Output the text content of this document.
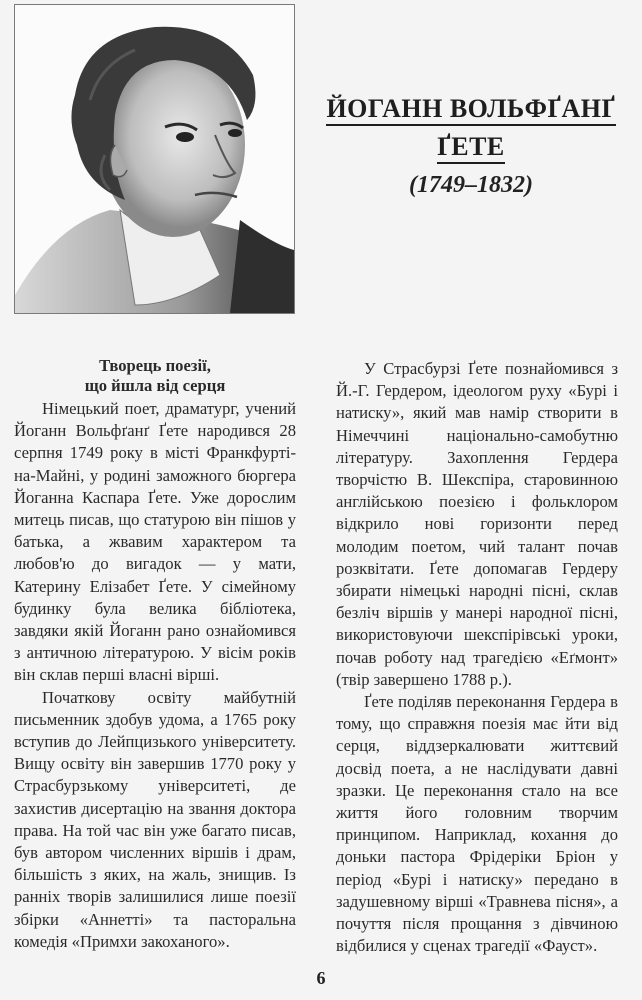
ЙОГАНН ВОЛЬФҐАНҐ
ҐЕТЕ
(1749–1832)
Творець поезії,
що йшла від серця

Німецький поет, драматург, учений Йоганн Вольфґанґ Ґете народився 28 серпня 1749 року в місті Франкфурті-на-Майні, у родині заможного бюргера Йоганна Каспара Ґете. Уже дорослим митець писав, що статурою він пішов у батька, а жвавим характером та любов'ю до вигадок — у мати, Катерину Елізабет Ґете. У сімейному будинку була велика бібліотека, завдяки якій Йоганн рано ознайомився з античною літературою. У вісім років він склав перші власні вірші.

Початкову освіту майбутній письменник здобув удома, а 1765 року вступив до Лейпцизького університету. Вищу освіту він завершив 1770 року у Страсбурзькому університеті, де захистив дисертацію на звання доктора права. На той час він уже багато писав, був автором численних віршів і драм, більшість з яких, на жаль, знищив. Із ранніх творів залишилися лише поезії збірки «Аннетті» та пасторальна комедія «Примхи закоханого».

У Страсбурзі Ґете познайомився з Й.-Г. Гердером, ідеологом руху «Бурі і натиску», який мав намір створити в Німеччині національно-самобутню літературу. Захоплення Гердера творчістю В. Шекспіра, старовинною англійською поезією і фольклором відкрило нові горизонти перед молодим поетом, чий талант почав розквітати. Ґете допомагав Гердеру збирати німецькі народні пісні, склав безліч віршів у манері народної пісні, використовуючи шекспірівські уроки, почав роботу над трагедією «Еґмонт» (твір завершено 1788 р.).

Ґете поділяв переконання Гердера в тому, що справжня поезія має йти від серця, віддзеркалювати життєвий досвід поета, а не наслідувати давні зразки. Це переконання стало на все життя його головним творчим принципом. Наприклад, кохання до доньки пастора Фрідеріки Бріон у період «Бурі і натиску» передано в задушевному вірші «Травнева пісня», а почуття після прощання з дівчиною відбилися у сценах трагедії «Фауст».

6
